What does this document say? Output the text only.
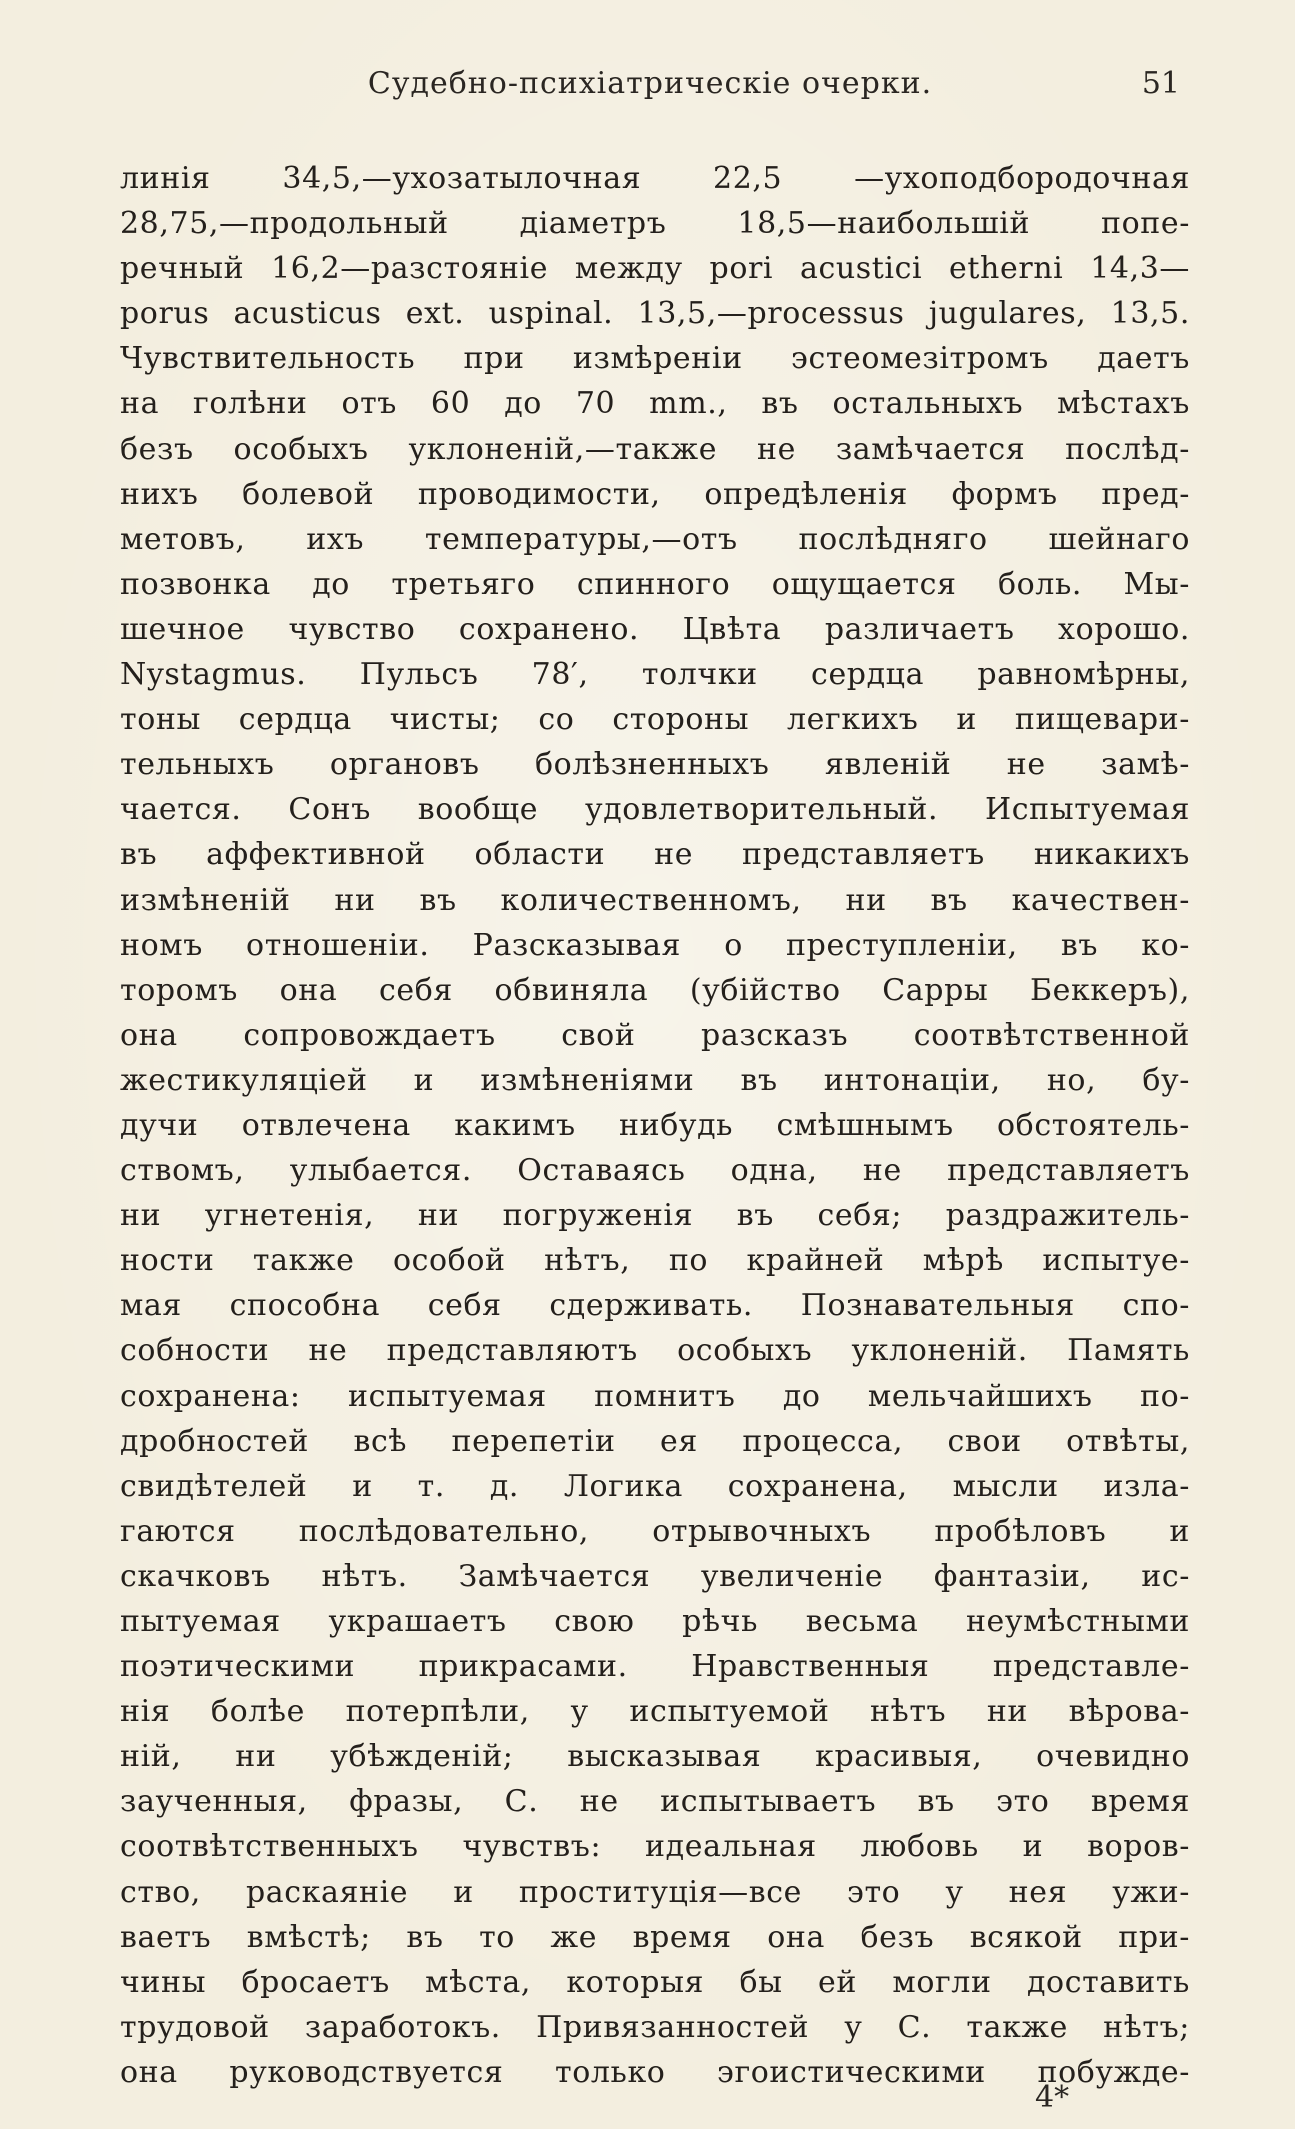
Судебно-психіатрическіе очерки.	51
линія 34,5,—ухозатылочная 22,5 —ухоподбородочная
28,75,—продольный діаметръ 18,5—наибольшій попе-
речный 16,2—разстояніе между pori acustici etherni 14,3—
porus acusticus ext. uspinal. 13,5,—processus jugulares, 13,5.
Чувствительность при измѣреніи эстеомезітромъ даетъ
на голѣни отъ 60 до 70 mm., въ остальныхъ мѣстахъ
безъ особыхъ уклоненій,—также не замѣчается послѣд-
нихъ болевой проводимости, опредѣленія формъ пред-
метовъ, ихъ температуры,—отъ послѣдняго шейнаго
позвонка до третьяго спинного ощущается боль. Мы-
шечное чувство сохранено. Цвѣта различаетъ хорошо.
Nystagmus. Пульсъ 78′, толчки сердца равномѣрны,
тоны сердца чисты; со стороны легкихъ и пищевари-
тельныхъ органовъ болѣзненныхъ явленій не замѣ-
чается. Сонъ вообще удовлетворительный. Испытуемая
въ аффективной области не представляетъ никакихъ
измѣненій ни въ количественномъ, ни въ качествен-
номъ отношеніи. Разсказывая о преступленіи, въ ко-
торомъ она себя обвиняла (убійство Сарры Беккеръ),
она сопровождаетъ свой разсказъ соотвѣтственной
жестикуляціей и измѣненіями въ интонаціи, но, бу-
дучи отвлечена какимъ нибудь смѣшнымъ обстоятель-
ствомъ, улыбается. Оставаясь одна, не представляетъ
ни угнетенія, ни погруженія въ себя; раздражитель-
ности также особой нѣтъ, по крайней мѣрѣ испытуе-
мая способна себя сдерживать. Познавательныя спо-
собности не представляютъ особыхъ уклоненій. Память
сохранена: испытуемая помнитъ до мельчайшихъ по-
дробностей всѣ перепетіи ея процесса, свои отвѣты,
свидѣтелей и т. д. Логика сохранена, мысли изла-
гаются послѣдовательно, отрывочныхъ пробѣловъ и
скачковъ нѣтъ. Замѣчается увеличеніе фантазіи, ис-
пытуемая украшаетъ свою рѣчь весьма неумѣстными
поэтическими прикрасами. Нравственныя представле-
нія болѣе потерпѣли, у испытуемой нѣтъ ни вѣрова-
ній, ни убѣжденій; высказывая красивыя, очевидно
заученныя, фразы, С. не испытываетъ въ это время
соотвѣтственныхъ чувствъ: идеальная любовь и воров-
ство, раскаяніе и проституція—все это у нея ужи-
ваетъ вмѣстѣ; въ то же время она безъ всякой при-
чины бросаетъ мѣста, которыя бы ей могли доставить
трудовой заработокъ. Привязанностей у С. также нѣтъ;
она руководствуется только эгоистическими побужде-
4*
